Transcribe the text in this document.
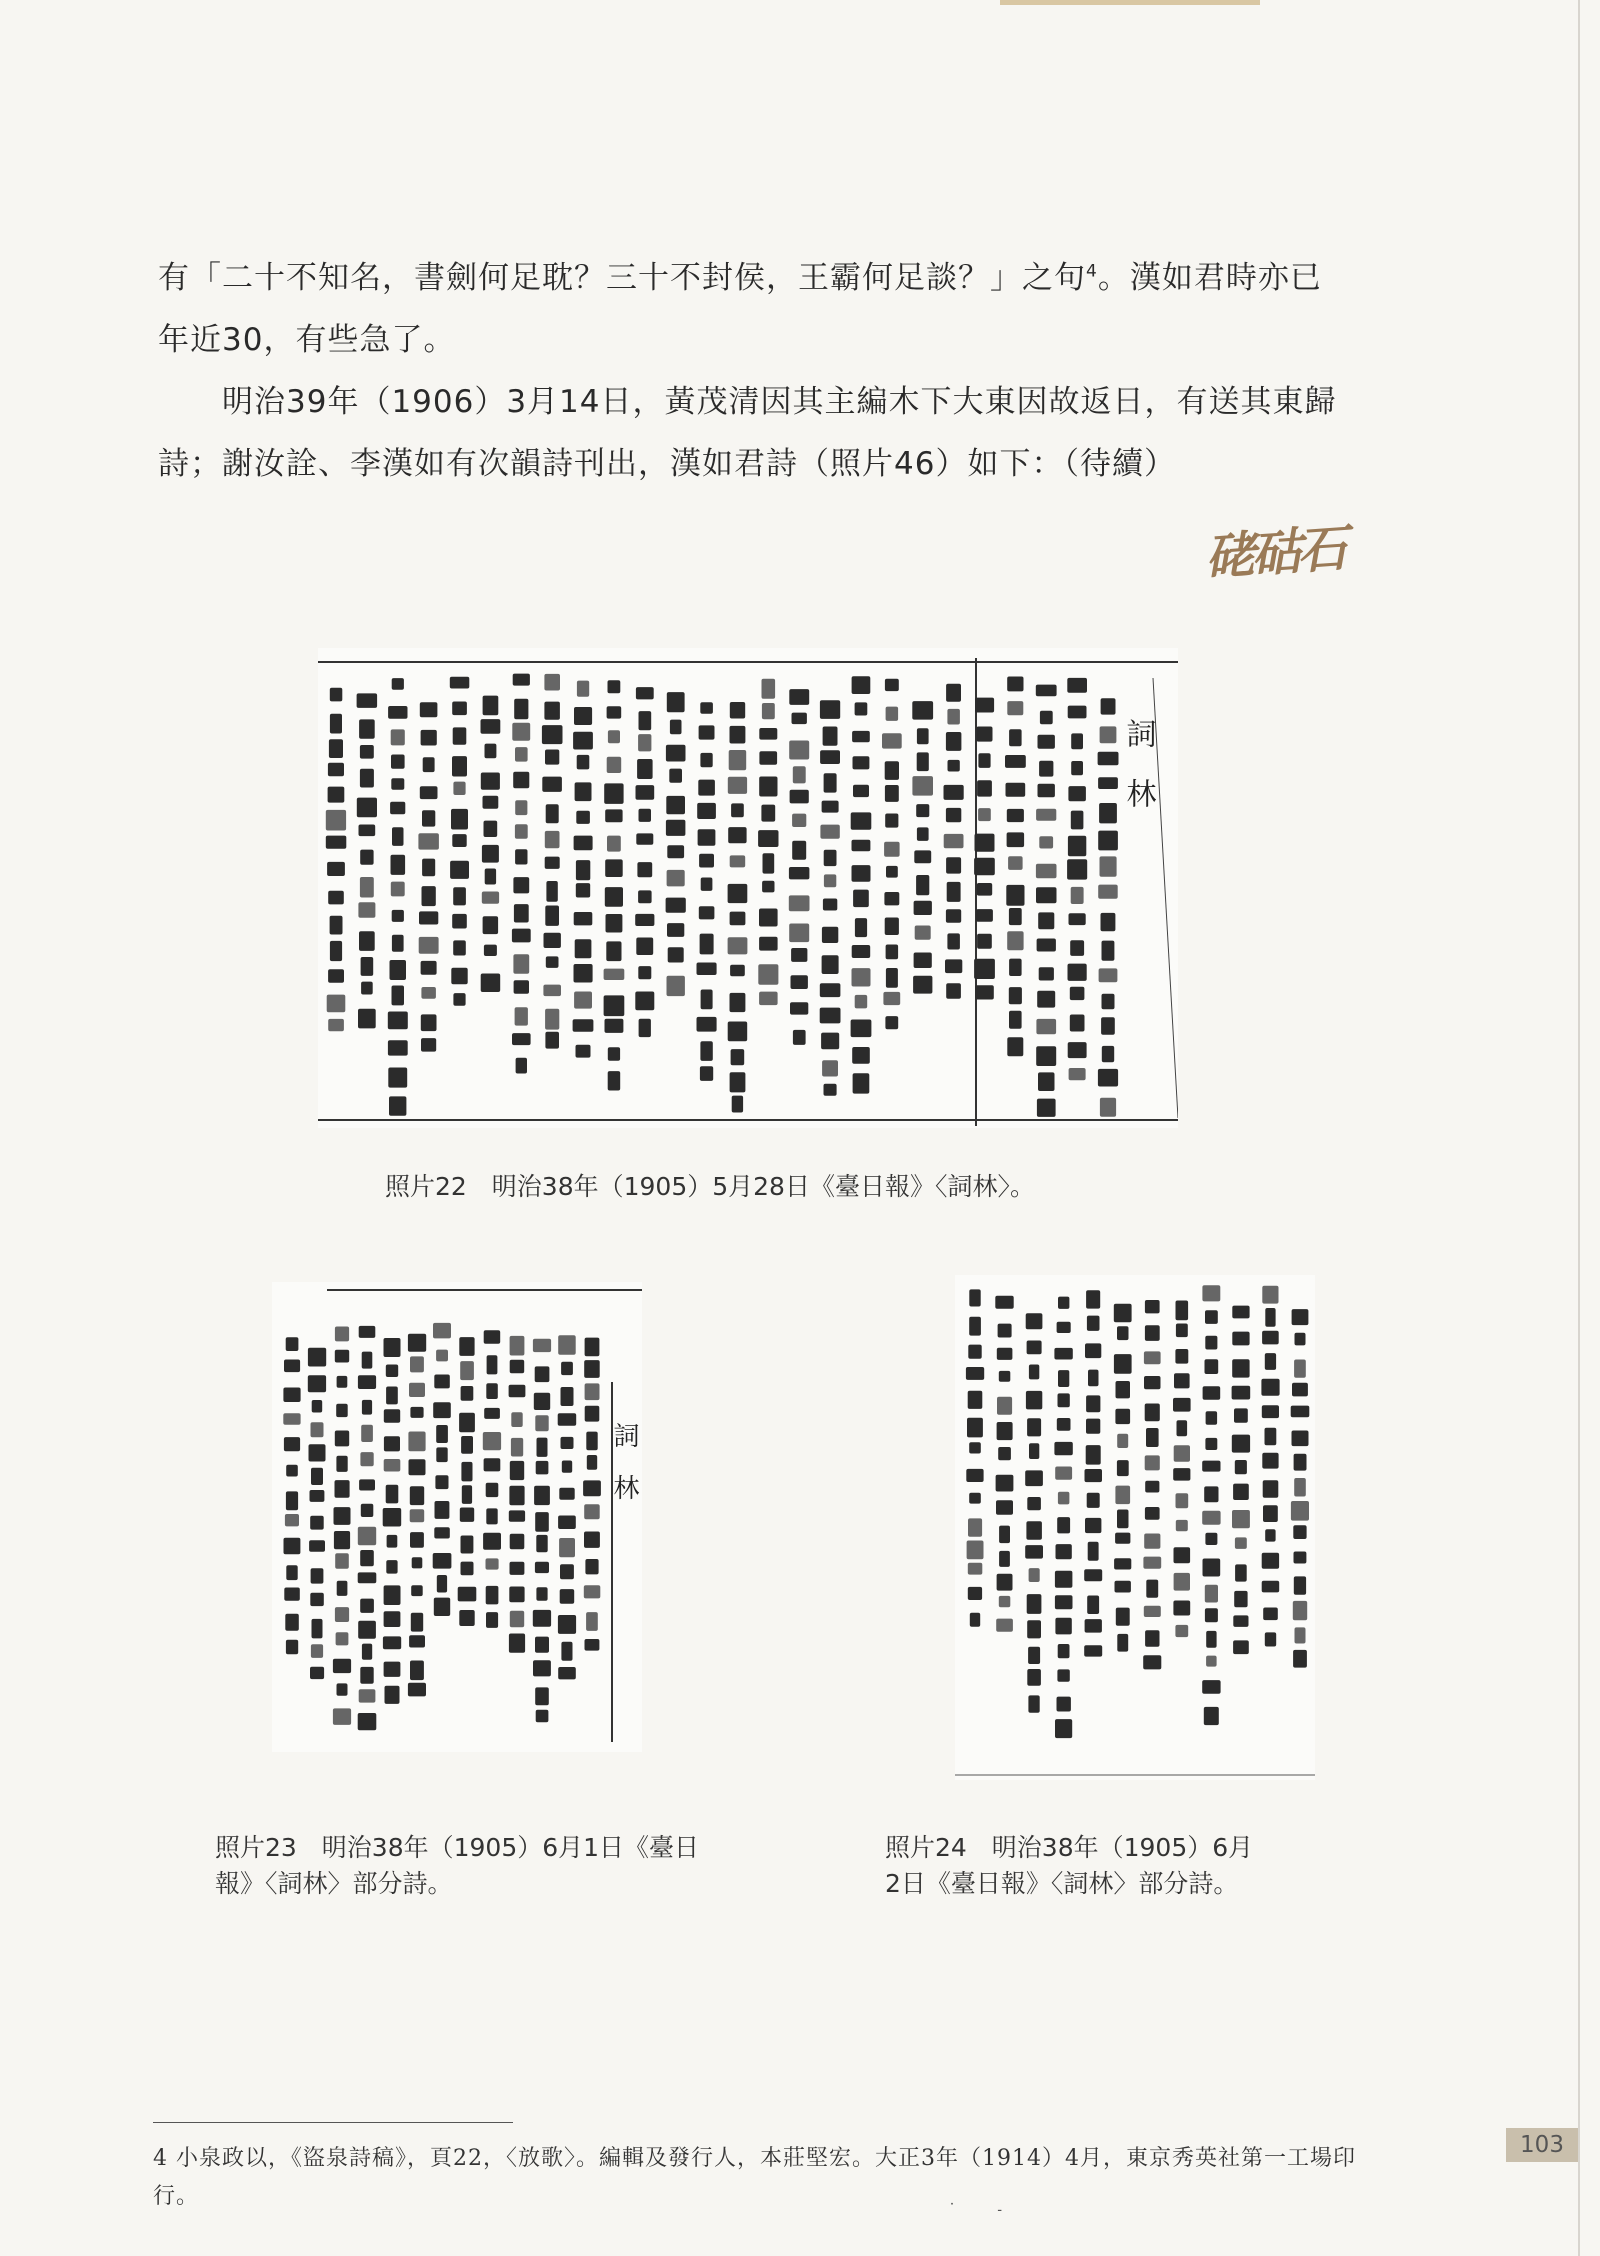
有「二十不知名，書劍何足耽？三十不封侯，王霸何足談？」之句$^4$。漢如君時亦已年近30，有些急了。

明治39年（1906）3月14日，黃茂清因其主編木下大東因故返日，有送其東歸詩；謝汝詮、李漢如有次韻詩刊出，漢如君詩（照片46）如下：（待續）

硓𥑮石
詞　林
照片22　明治38年（1905）5月28日《臺日報》〈詞林〉。
詞　林
照片23　明治38年（1905）6月1日《臺日報》〈詞林〉部分詩。
照片24　明治38年（1905）6月2日《臺日報》〈詞林〉部分詩。
4 小泉政以，《盜泉詩稿》，頁22，〈放歌〉。編輯及發行人，本莊堅宏。大正3年（1914）4月，東京秀英社第一工場印行。
˙ ˗
103
